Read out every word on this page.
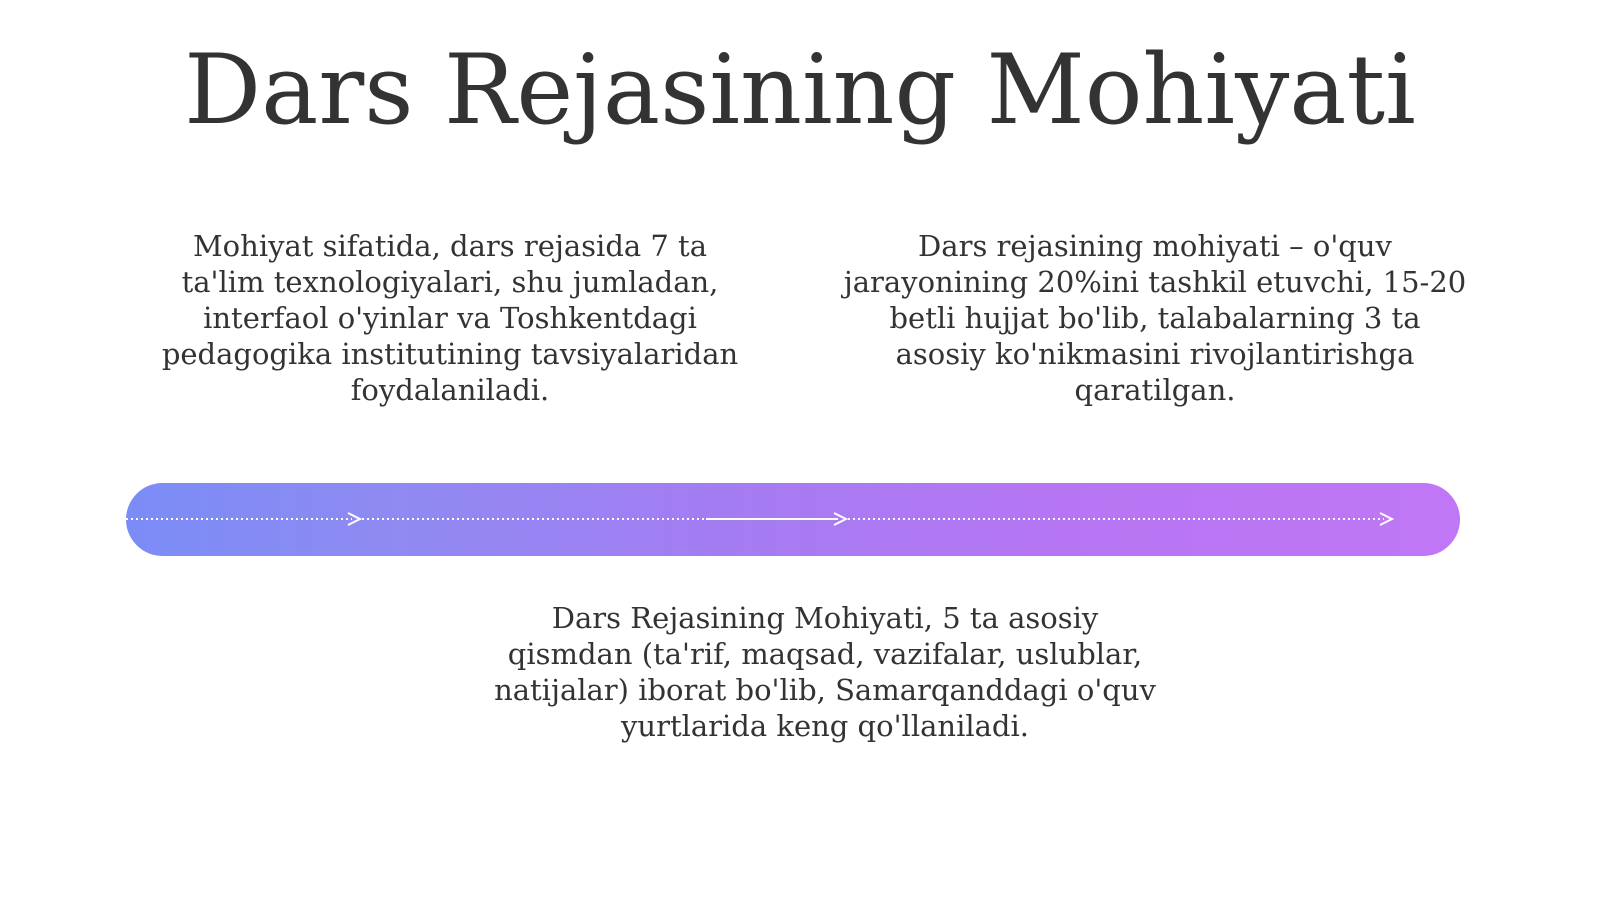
Dars Rejasining Mohiyati
Mohiyat sifatida, dars rejasida 7 ta ta'lim texnologiyalari, shu jumladan, interfaol o'yinlar va Toshkentdagi pedagogika institutining tavsiyalaridan foydalaniladi.
Dars rejasining mohiyati – o'quv jarayonining 20%ini tashkil etuvchi, 15-20 betli hujjat bo'lib, talabalarning 3 ta asosiy ko'nikmasini rivojlantirishga qaratilgan.
Dars Rejasining Mohiyati, 5 ta asosiy qismdan (ta'rif, maqsad, vazifalar, uslublar, natijalar) iborat bo'lib, Samarqanddagi o'quv yurtlarida keng qo'llaniladi.
